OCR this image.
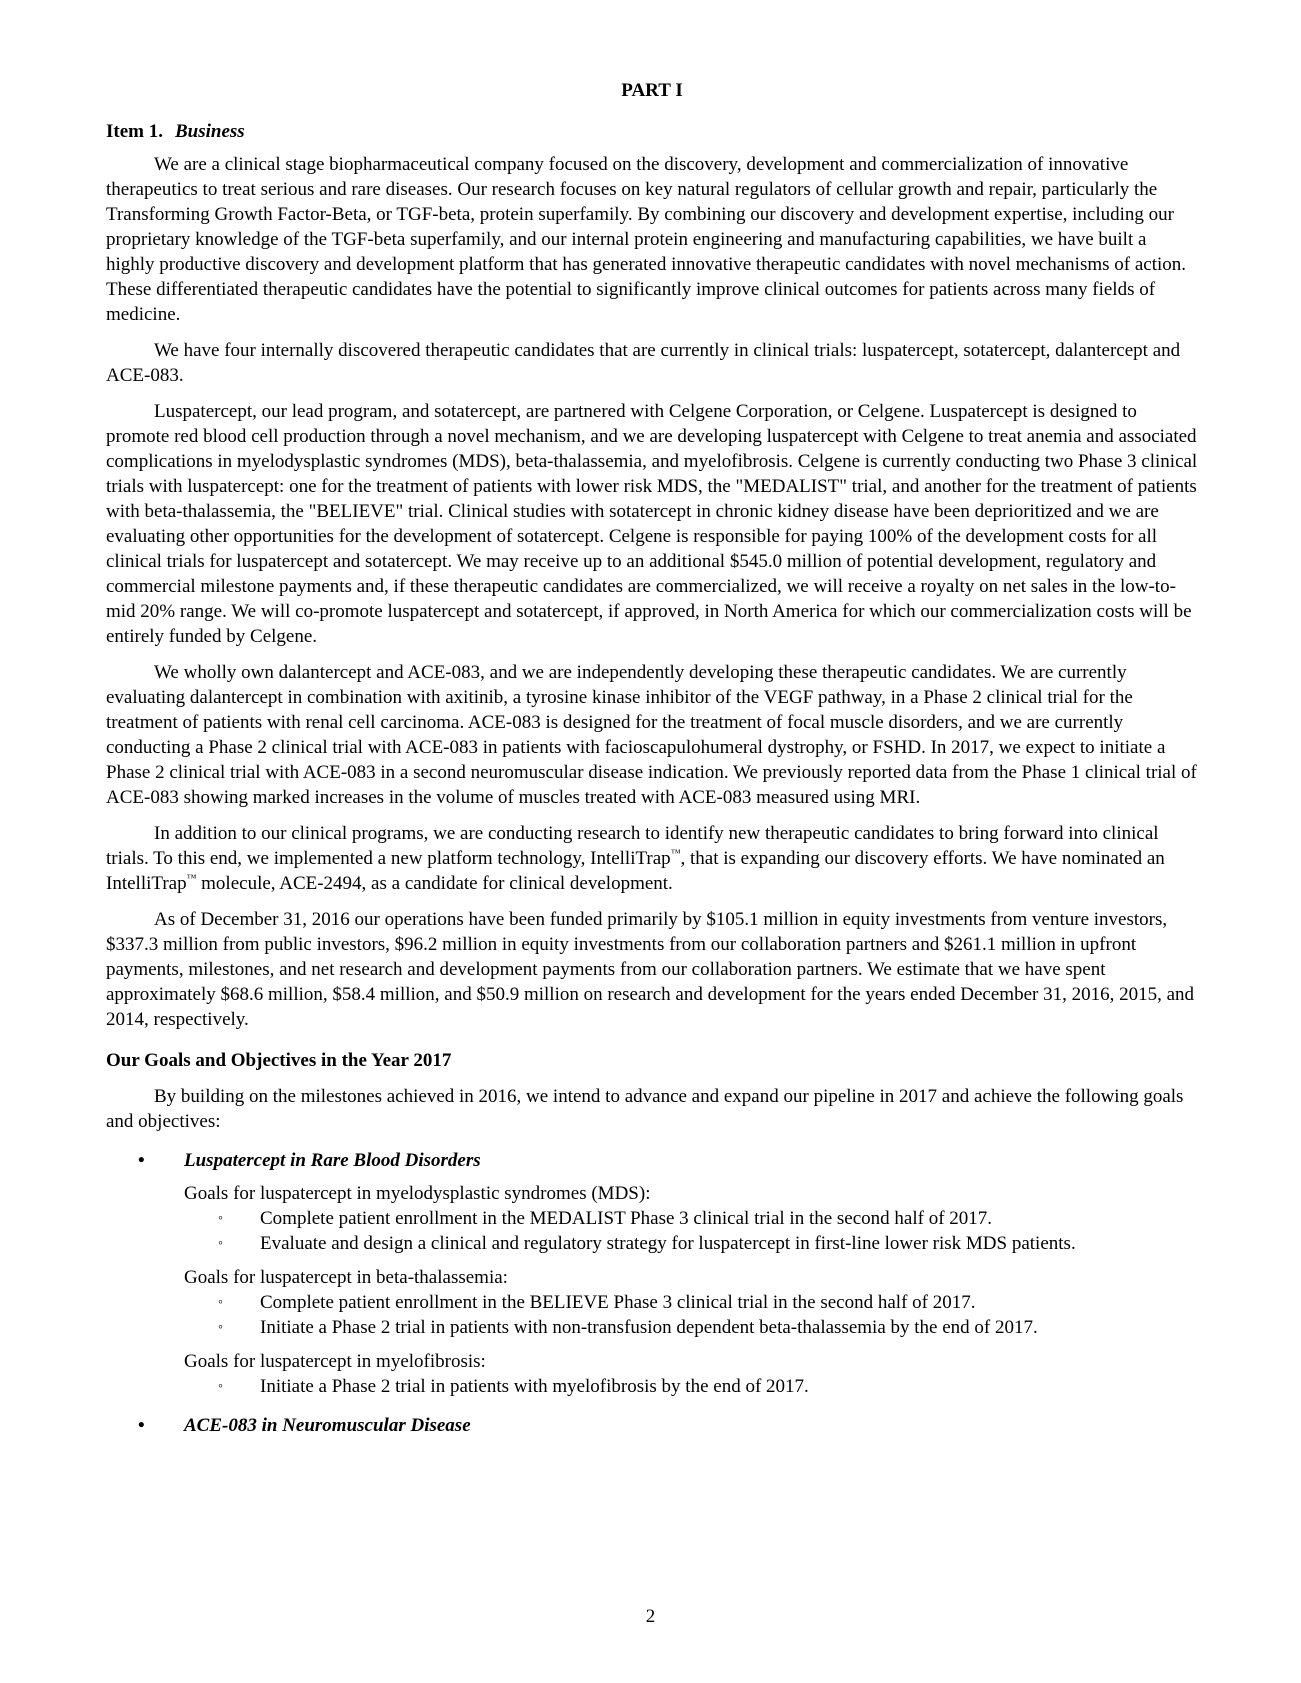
PART I
Item 1. Business

We are a clinical stage biopharmaceutical company focused on the discovery, development and commercialization of innovative therapeutics to treat serious and rare diseases. Our research focuses on key natural regulators of cellular growth and repair, particularly the Transforming Growth Factor-Beta, or TGF-beta, protein superfamily. By combining our discovery and development expertise, including our proprietary knowledge of the TGF-beta superfamily, and our internal protein engineering and manufacturing capabilities, we have built a highly productive discovery and development platform that has generated innovative therapeutic candidates with novel mechanisms of action. These differentiated therapeutic candidates have the potential to significantly improve clinical outcomes for patients across many fields of medicine.

We have four internally discovered therapeutic candidates that are currently in clinical trials: luspatercept, sotatercept, dalantercept and ACE-083.

Luspatercept, our lead program, and sotatercept, are partnered with Celgene Corporation, or Celgene. Luspatercept is designed to promote red blood cell production through a novel mechanism, and we are developing luspatercept with Celgene to treat anemia and associated complications in myelodysplastic syndromes (MDS), beta-thalassemia, and myelofibrosis. Celgene is currently conducting two Phase 3 clinical trials with luspatercept: one for the treatment of patients with lower risk MDS, the "MEDALIST" trial, and another for the treatment of patients with beta-thalassemia, the "BELIEVE" trial. Clinical studies with sotatercept in chronic kidney disease have been deprioritized and we are evaluating other opportunities for the development of sotatercept. Celgene is responsible for paying 100% of the development costs for all clinical trials for luspatercept and sotatercept. We may receive up to an additional $545.0 million of potential development, regulatory and commercial milestone payments and, if these therapeutic candidates are commercialized, we will receive a royalty on net sales in the low-to-mid 20% range. We will co-promote luspatercept and sotatercept, if approved, in North America for which our commercialization costs will be entirely funded by Celgene.

We wholly own dalantercept and ACE-083, and we are independently developing these therapeutic candidates. We are currently evaluating dalantercept in combination with axitinib, a tyrosine kinase inhibitor of the VEGF pathway, in a Phase 2 clinical trial for the treatment of patients with renal cell carcinoma. ACE-083 is designed for the treatment of focal muscle disorders, and we are currently conducting a Phase 2 clinical trial with ACE-083 in patients with facioscapulohumeral dystrophy, or FSHD. In 2017, we expect to initiate a Phase 2 clinical trial with ACE-083 in a second neuromuscular disease indication. We previously reported data from the Phase 1 clinical trial of ACE-083 showing marked increases in the volume of muscles treated with ACE-083 measured using MRI.

In addition to our clinical programs, we are conducting research to identify new therapeutic candidates to bring forward into clinical trials. To this end, we implemented a new platform technology, IntelliTrap™, that is expanding our discovery efforts. We have nominated an IntelliTrap™ molecule, ACE-2494, as a candidate for clinical development.

As of December 31, 2016 our operations have been funded primarily by $105.1 million in equity investments from venture investors, $337.3 million from public investors, $96.2 million in equity investments from our collaboration partners and $261.1 million in upfront payments, milestones, and net research and development payments from our collaboration partners. We estimate that we have spent approximately $68.6 million, $58.4 million, and $50.9 million on research and development for the years ended December 31, 2016, 2015, and 2014, respectively.

Our Goals and Objectives in the Year 2017

By building on the milestones achieved in 2016, we intend to advance and expand our pipeline in 2017 and achieve the following goals and objectives:

• Luspatercept in Rare Blood Disorders
Goals for luspatercept in myelodysplastic syndromes (MDS):
◦ Complete patient enrollment in the MEDALIST Phase 3 clinical trial in the second half of 2017.
◦ Evaluate and design a clinical and regulatory strategy for luspatercept in first-line lower risk MDS patients.
Goals for luspatercept in beta-thalassemia:
◦ Complete patient enrollment in the BELIEVE Phase 3 clinical trial in the second half of 2017.
◦ Initiate a Phase 2 trial in patients with non-transfusion dependent beta-thalassemia by the end of 2017.
Goals for luspatercept in myelofibrosis:
◦ Initiate a Phase 2 trial in patients with myelofibrosis by the end of 2017.
• ACE-083 in Neuromuscular Disease
2
